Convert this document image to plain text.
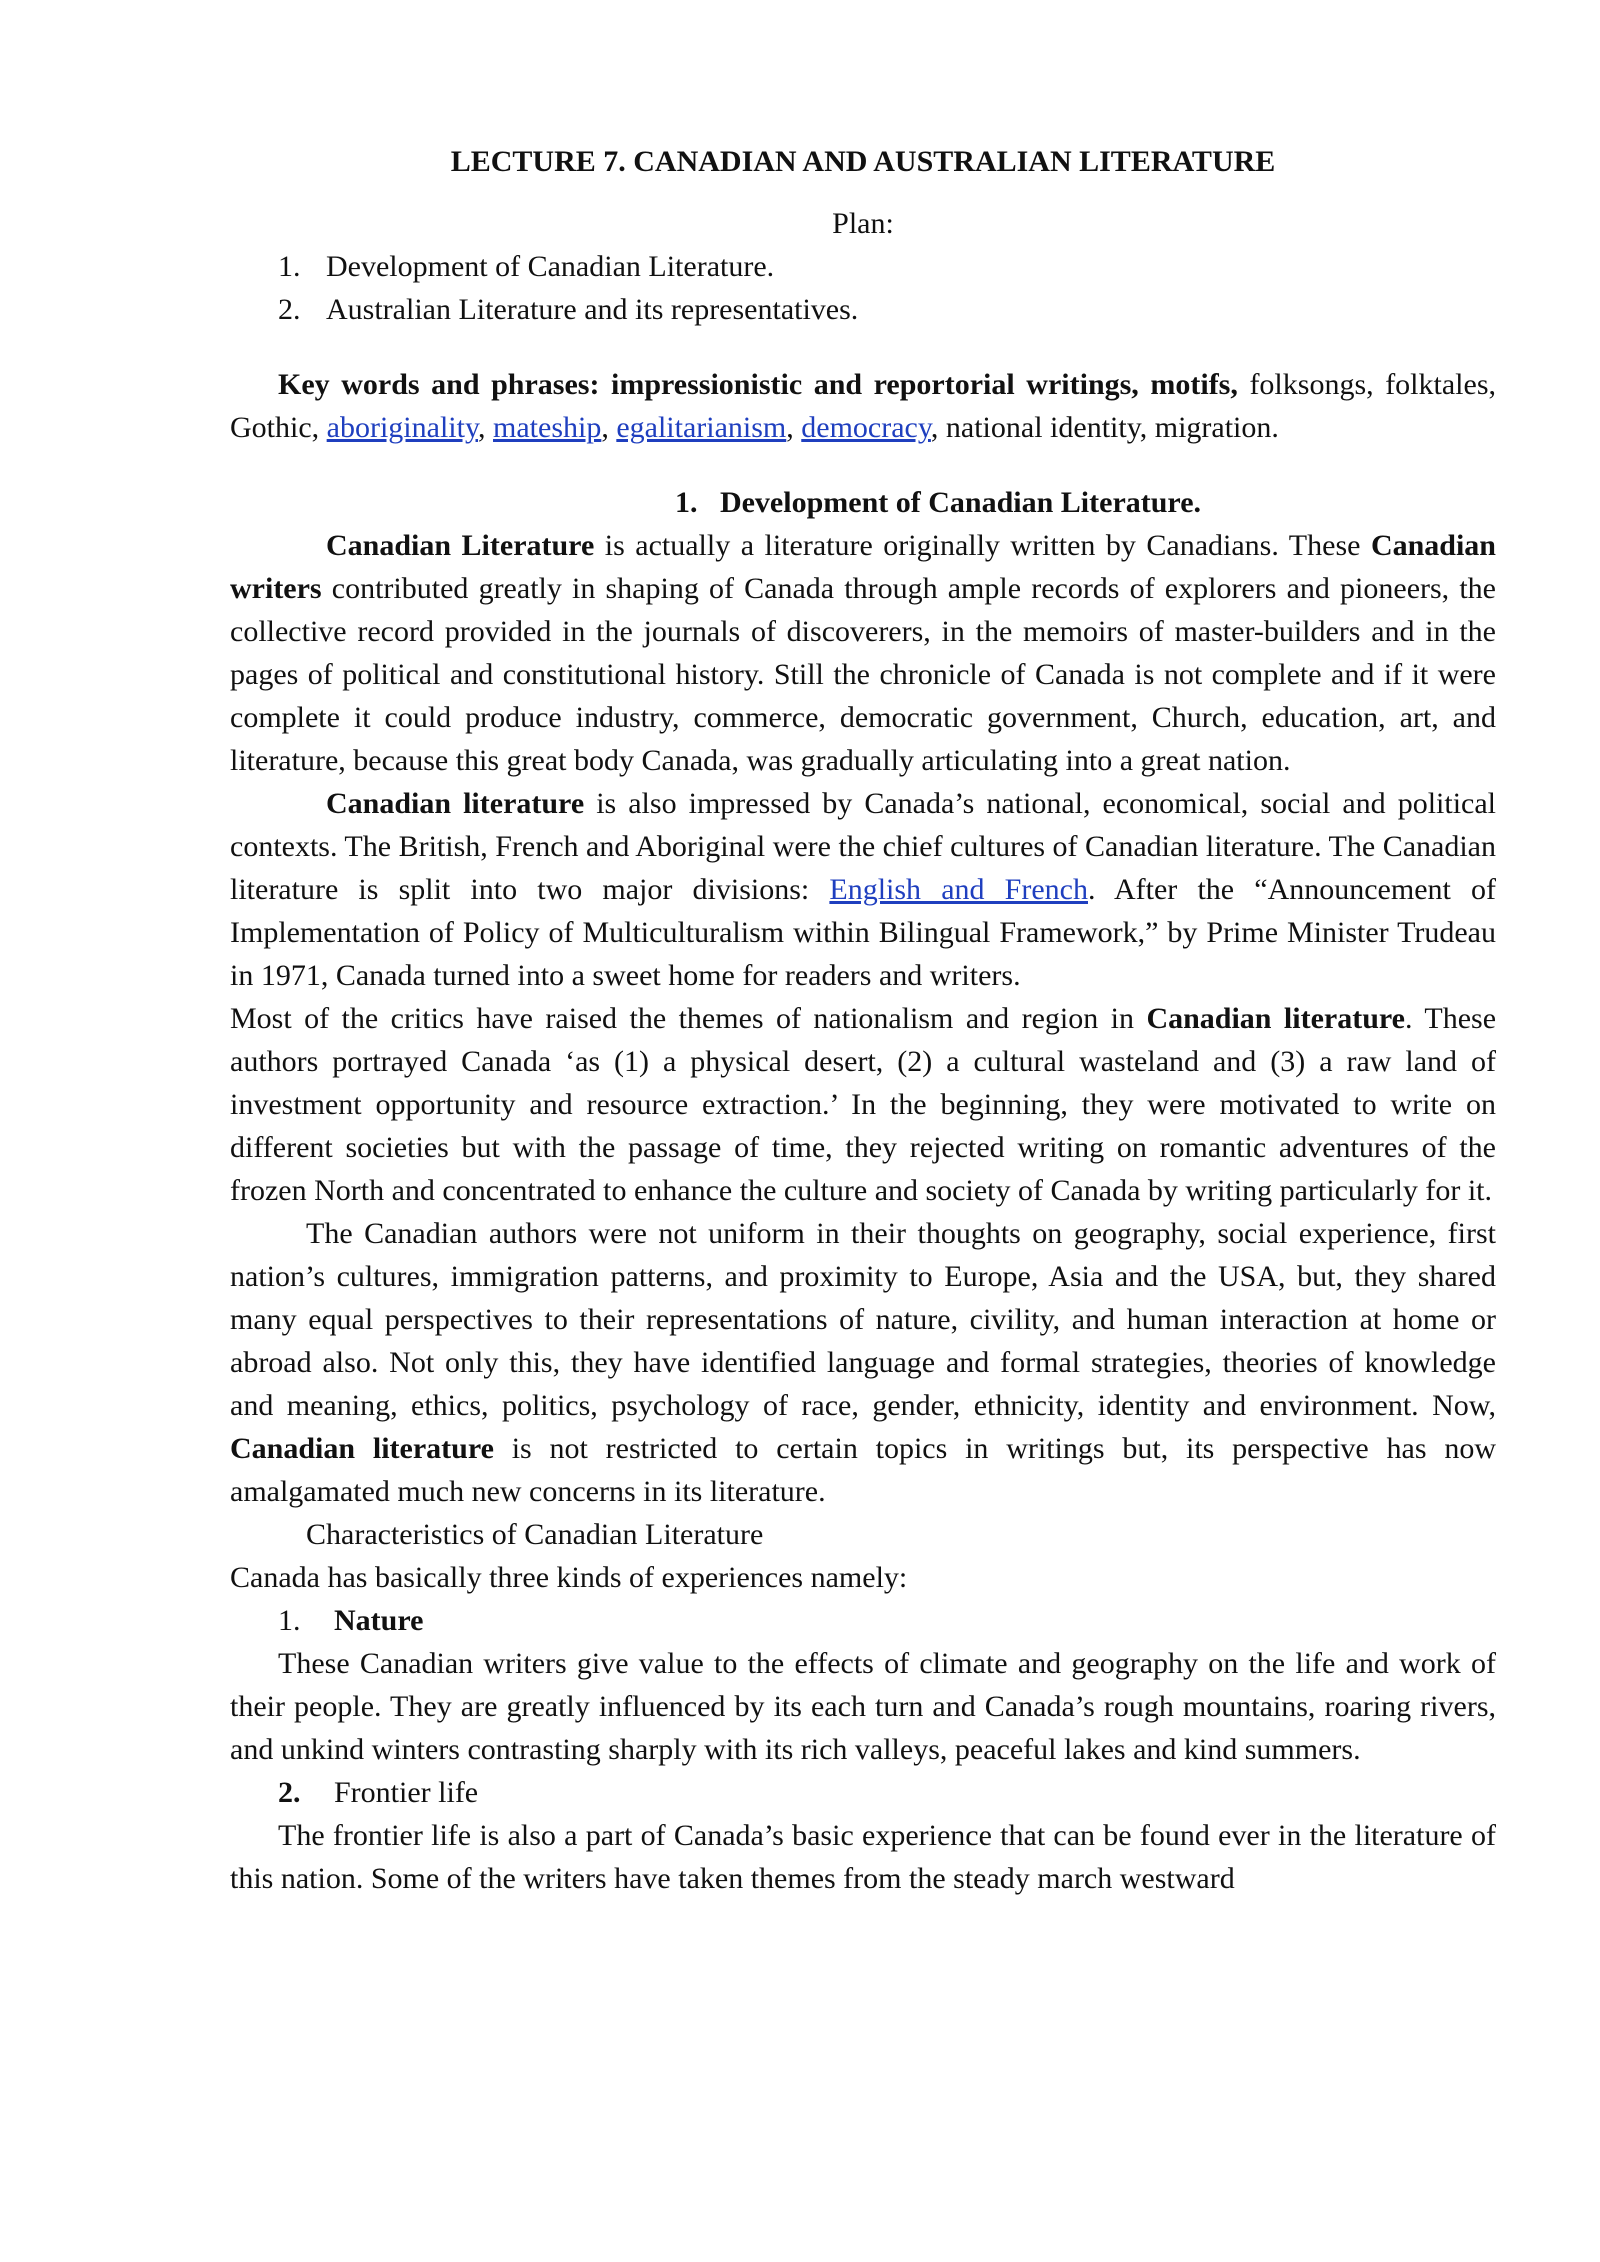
LECTURE 7. CANADIAN AND AUSTRALIAN LITERATURE

Plan:

1. Development of Canadian Literature.
2. Australian Literature and its representatives.

Key words and phrases: impressionistic and reportorial writings, motifs, folksongs, folktales, Gothic, aboriginality, mateship, egalitarianism, democracy, national identity, migration.

1.   Development of Canadian Literature.

Canadian Literature is actually a literature originally written by Canadians. These Canadian writers contributed greatly in shaping of Canada through ample records of explorers and pioneers, the collective record provided in the journals of discoverers, in the memoirs of master-builders and in the pages of political and constitutional history. Still the chronicle of Canada is not complete and if it were complete it could produce industry, commerce, democratic government, Church, education, art, and literature, because this great body Canada, was gradually articulating into a great nation.

Canadian literature is also impressed by Canada’s national, economical, social and political contexts. The British, French and Aboriginal were the chief cultures of Canadian literature. The Canadian literature is split into two major divisions: English and French. After the “Announcement of Implementation of Policy of Multiculturalism within Bilingual Framework,” by Prime Minister Trudeau in 1971, Canada turned into a sweet home for readers and writers.

Most of the critics have raised the themes of nationalism and region in Canadian literature. These authors portrayed Canada ‘as (1) a physical desert, (2) a cultural wasteland and (3) a raw land of investment opportunity and resource extraction.’ In the beginning, they were motivated to write on different societies but with the passage of time, they rejected writing on romantic adventures of the frozen North and concentrated to enhance the culture and society of Canada by writing particularly for it.

The Canadian authors were not uniform in their thoughts on geography, social experience, first nation’s cultures, immigration patterns, and proximity to Europe, Asia and the USA, but, they shared many equal perspectives to their representations of nature, civility, and human interaction at home or abroad also. Not only this, they have identified language and formal strategies, theories of knowledge and meaning, ethics, politics, psychology of race, gender, ethnicity, identity and environment. Now, Canadian literature is not restricted to certain topics in writings but, its perspective has now amalgamated much new concerns in its literature.

Characteristics of Canadian Literature

Canada has basically three kinds of experiences namely:

1. Nature

These Canadian writers give value to the effects of climate and geography on the life and work of their people. They are greatly influenced by its each turn and Canada’s rough mountains, roaring rivers, and unkind winters contrasting sharply with its rich valleys, peaceful lakes and kind summers.

2. Frontier life

The frontier life is also a part of Canada’s basic experience that can be found ever in the literature of this nation. Some of the writers have taken themes from the steady march westward
